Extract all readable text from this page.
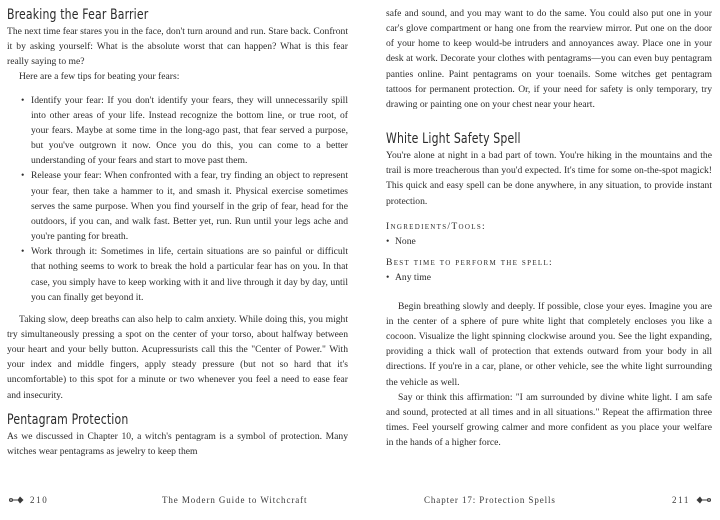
Breaking the Fear Barrier

The next time fear stares you in the face, don't turn around and run. Stare back. Confront it by asking yourself: What is the absolute worst that can happen? What is this fear really saying to me?

Here are a few tips for beating your fears:

• Identify your fear: If you don't identify your fears, they will unnecessarily spill into other areas of your life. Instead recognize the bottom line, or true root, of your fears. Maybe at some time in the long-ago past, that fear served a purpose, but you've outgrown it now. Once you do this, you can come to a better understanding of your fears and start to move past them.
• Release your fear: When confronted with a fear, try finding an object to represent your fear, then take a hammer to it, and smash it. Physical exercise sometimes serves the same purpose. When you find yourself in the grip of fear, head for the outdoors, if you can, and walk fast. Better yet, run. Run until your legs ache and you're panting for breath.
• Work through it: Sometimes in life, certain situations are so painful or difficult that nothing seems to work to break the hold a particular fear has on you. In that case, you simply have to keep working with it and live through it day by day, until you can finally get beyond it.

Taking slow, deep breaths can also help to calm anxiety. While doing this, you might try simultaneously pressing a spot on the center of your torso, about halfway between your heart and your belly button. Acupressurists call this the "Center of Power." With your index and middle fingers, apply steady pressure (but not so hard that it's uncomfortable) to this spot for a minute or two whenever you feel a need to ease fear and insecurity.

Pentagram Protection

As we discussed in Chapter 10, a witch's pentagram is a symbol of protection. Many witches wear pentagrams as jewelry to keep them

safe and sound, and you may want to do the same. You could also put one in your car's glove compartment or hang one from the rearview mirror. Put one on the door of your home to keep would-be intruders and annoyances away. Place one in your desk at work. Decorate your clothes with pentagrams—you can even buy pentagram panties online. Paint pentagrams on your toenails. Some witches get pentagram tattoos for permanent protection. Or, if your need for safety is only temporary, try drawing or painting one on your chest near your heart.

White Light Safety Spell

You're alone at night in a bad part of town. You're hiking in the mountains and the trail is more treacherous than you'd expected. It's time for some on-the-spot magick! This quick and easy spell can be done anywhere, in any situation, to provide instant protection.

Ingredients/Tools:
• None
Best time to perform the spell:
• Any time

Begin breathing slowly and deeply. If possible, close your eyes. Imagine you are in the center of a sphere of pure white light that completely encloses you like a cocoon. Visualize the light spinning clockwise around you. See the light expanding, providing a thick wall of protection that extends outward from your body in all directions. If you're in a car, plane, or other vehicle, see the white light surrounding the vehicle as well.

Say or think this affirmation: "I am surrounded by divine white light. I am safe and sound, protected at all times and in all situations." Repeat the affirmation three times. Feel yourself growing calmer and more confident as you place your welfare in the hands of a higher force.

210	The Modern Guide to Witchcraft	Chapter 17: Protection Spells	211
